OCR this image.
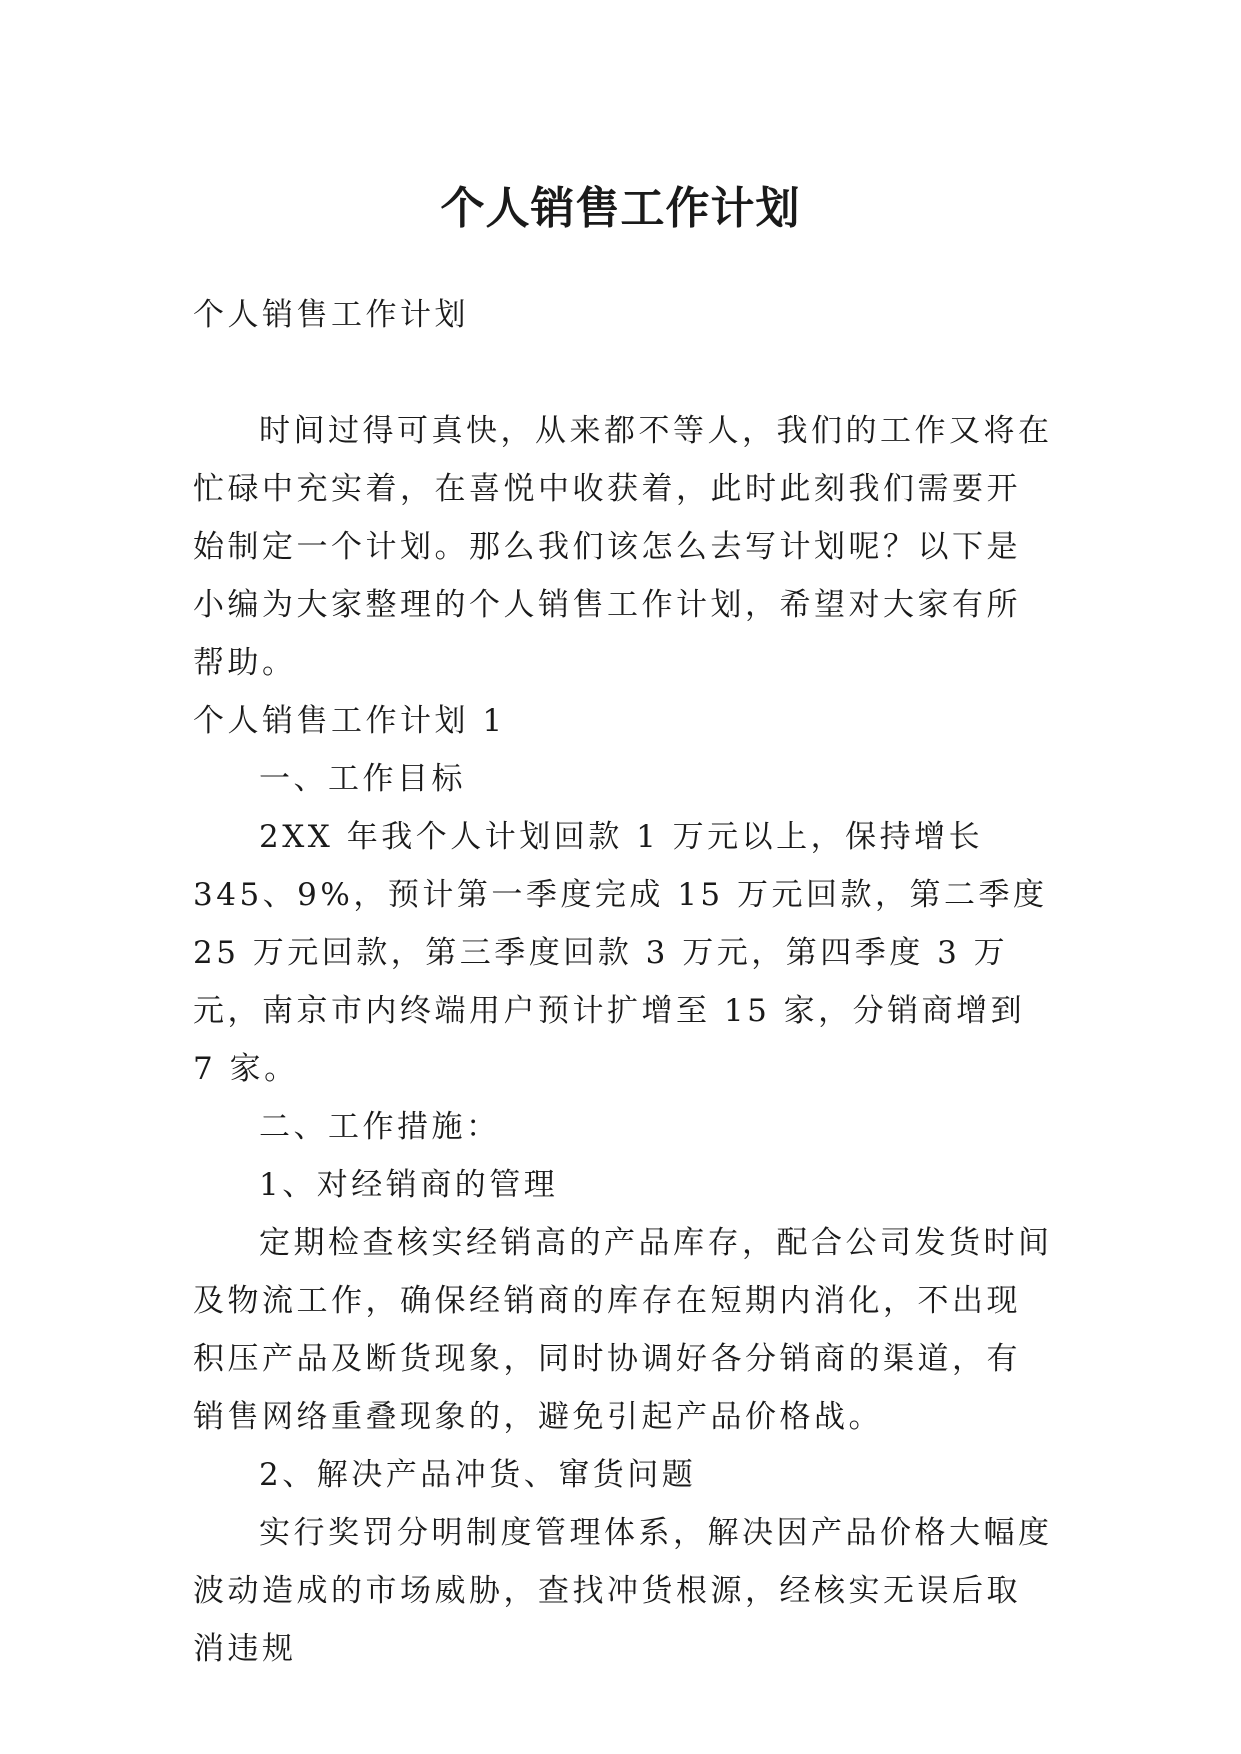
个人销售工作计划

个人销售工作计划

时间过得可真快，从来都不等人，我们的工作又将在忙碌中充实着，在喜悦中收获着，此时此刻我们需要开始制定一个计划。那么我们该怎么去写计划呢？以下是小编为大家整理的个人销售工作计划，希望对大家有所帮助。

个人销售工作计划 1

一、工作目标

2XX 年我个人计划回款 1 万元以上，保持增长 345、9%，预计第一季度完成 15 万元回款，第二季度 25 万元回款，第三季度回款 3 万元，第四季度 3 万元，南京市内终端用户预计扩增至 15 家，分销商增到 7 家。

二、工作措施：

1、对经销商的管理

定期检查核实经销高的产品库存，配合公司发货时间及物流工作，确保经销商的库存在短期内消化，不出现积压产品及断货现象，同时协调好各分销商的渠道，有销售网络重叠现象的，避免引起产品价格战。

2、解决产品冲货、窜货问题

实行奖罚分明制度管理体系，解决因产品价格大幅度波动造成的市场威胁，查找冲货根源，经核实无误后取消违规
